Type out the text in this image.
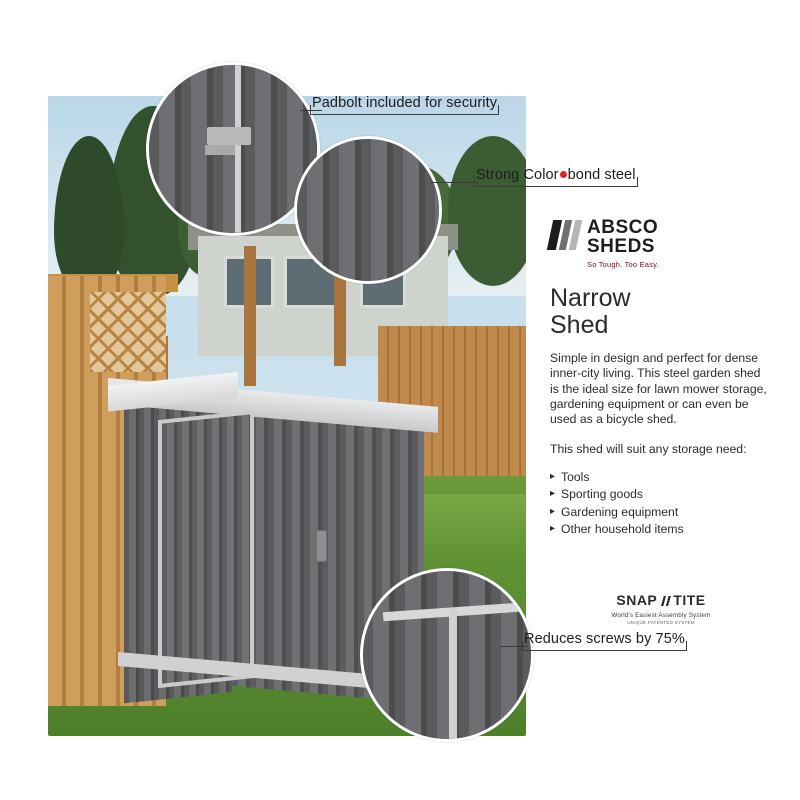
Padbolt included for security
Strong Color bond steel
Reduces screws by 75%
ABSCO
SHEDS
So Tough. Too Easy.
Narrow
Shed

Simple in design and perfect for dense inner-city living. This steel garden shed is the ideal size for lawn mower storage, gardening equipment or can even be used as a bicycle shed.

This shed will suit any storage need:

▸ Tools
▸ Sporting goods
▸ Gardening equipment
▸ Other household items
SNAP TITE
World's Easiest Assembly System
UNIQUE PATENTED SYSTEM
